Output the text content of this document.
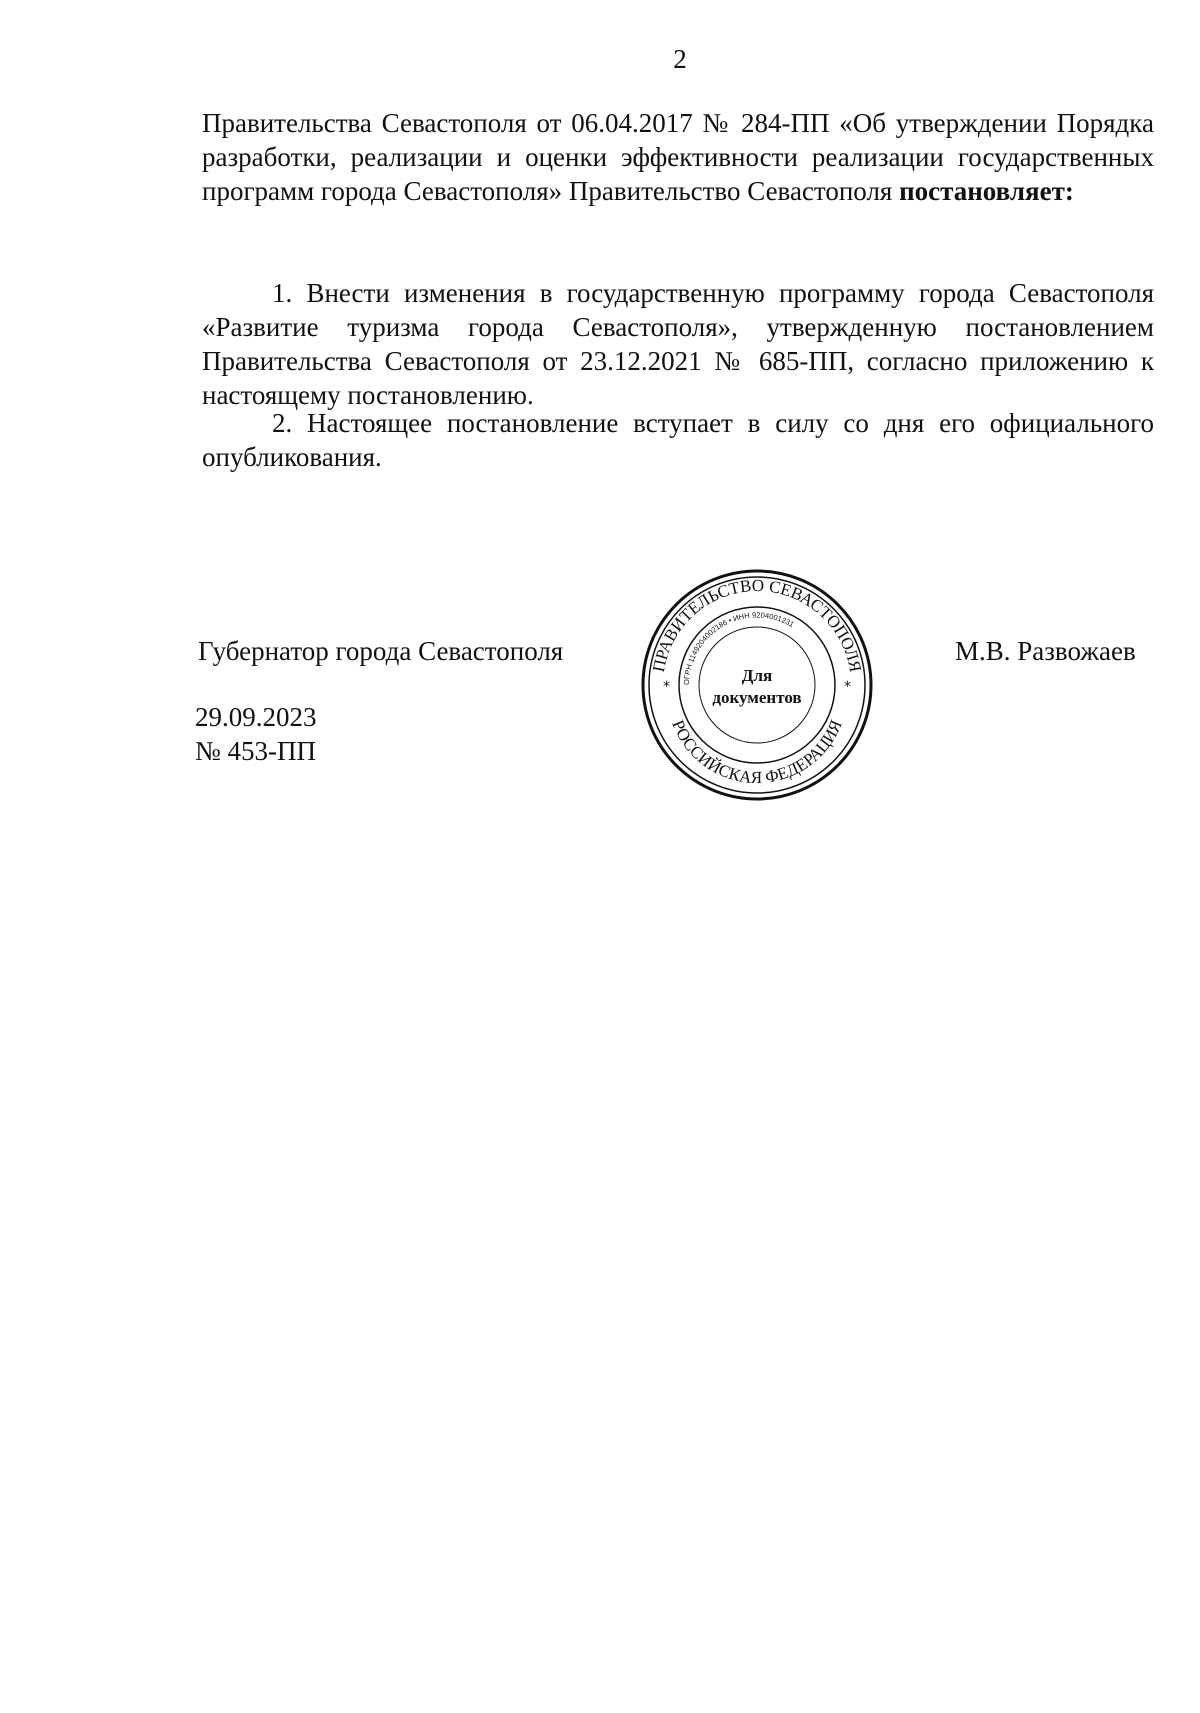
2
Правительства Севастополя от 06.04.2017 № 284-ПП «Об утверждении Порядка разработки, реализации и оценки эффективности реализации государственных программ города Севастополя» Правительство Севастополя постановляет:
1. Внести изменения в государственную программу города Севастополя «Развитие туризма города Севастополя», утвержденную постановлением Правительства Севастополя от 23.12.2021 № 685-ПП, согласно приложению к настоящему постановлению.
2. Настоящее постановление вступает в силу со дня его официального опубликования.
Губернатор города Севастополя	ПРАВИТЕЛЬСТВО СЕВАСТОПОЛЯ
РОССИЙСКАЯ ФЕДЕРАЦИЯ
ОГРН 1149204002186 • ИНН 9204001231
*	*
Для
документов
М.В. Развожаев
29.09.2023
№ 453-ПП
